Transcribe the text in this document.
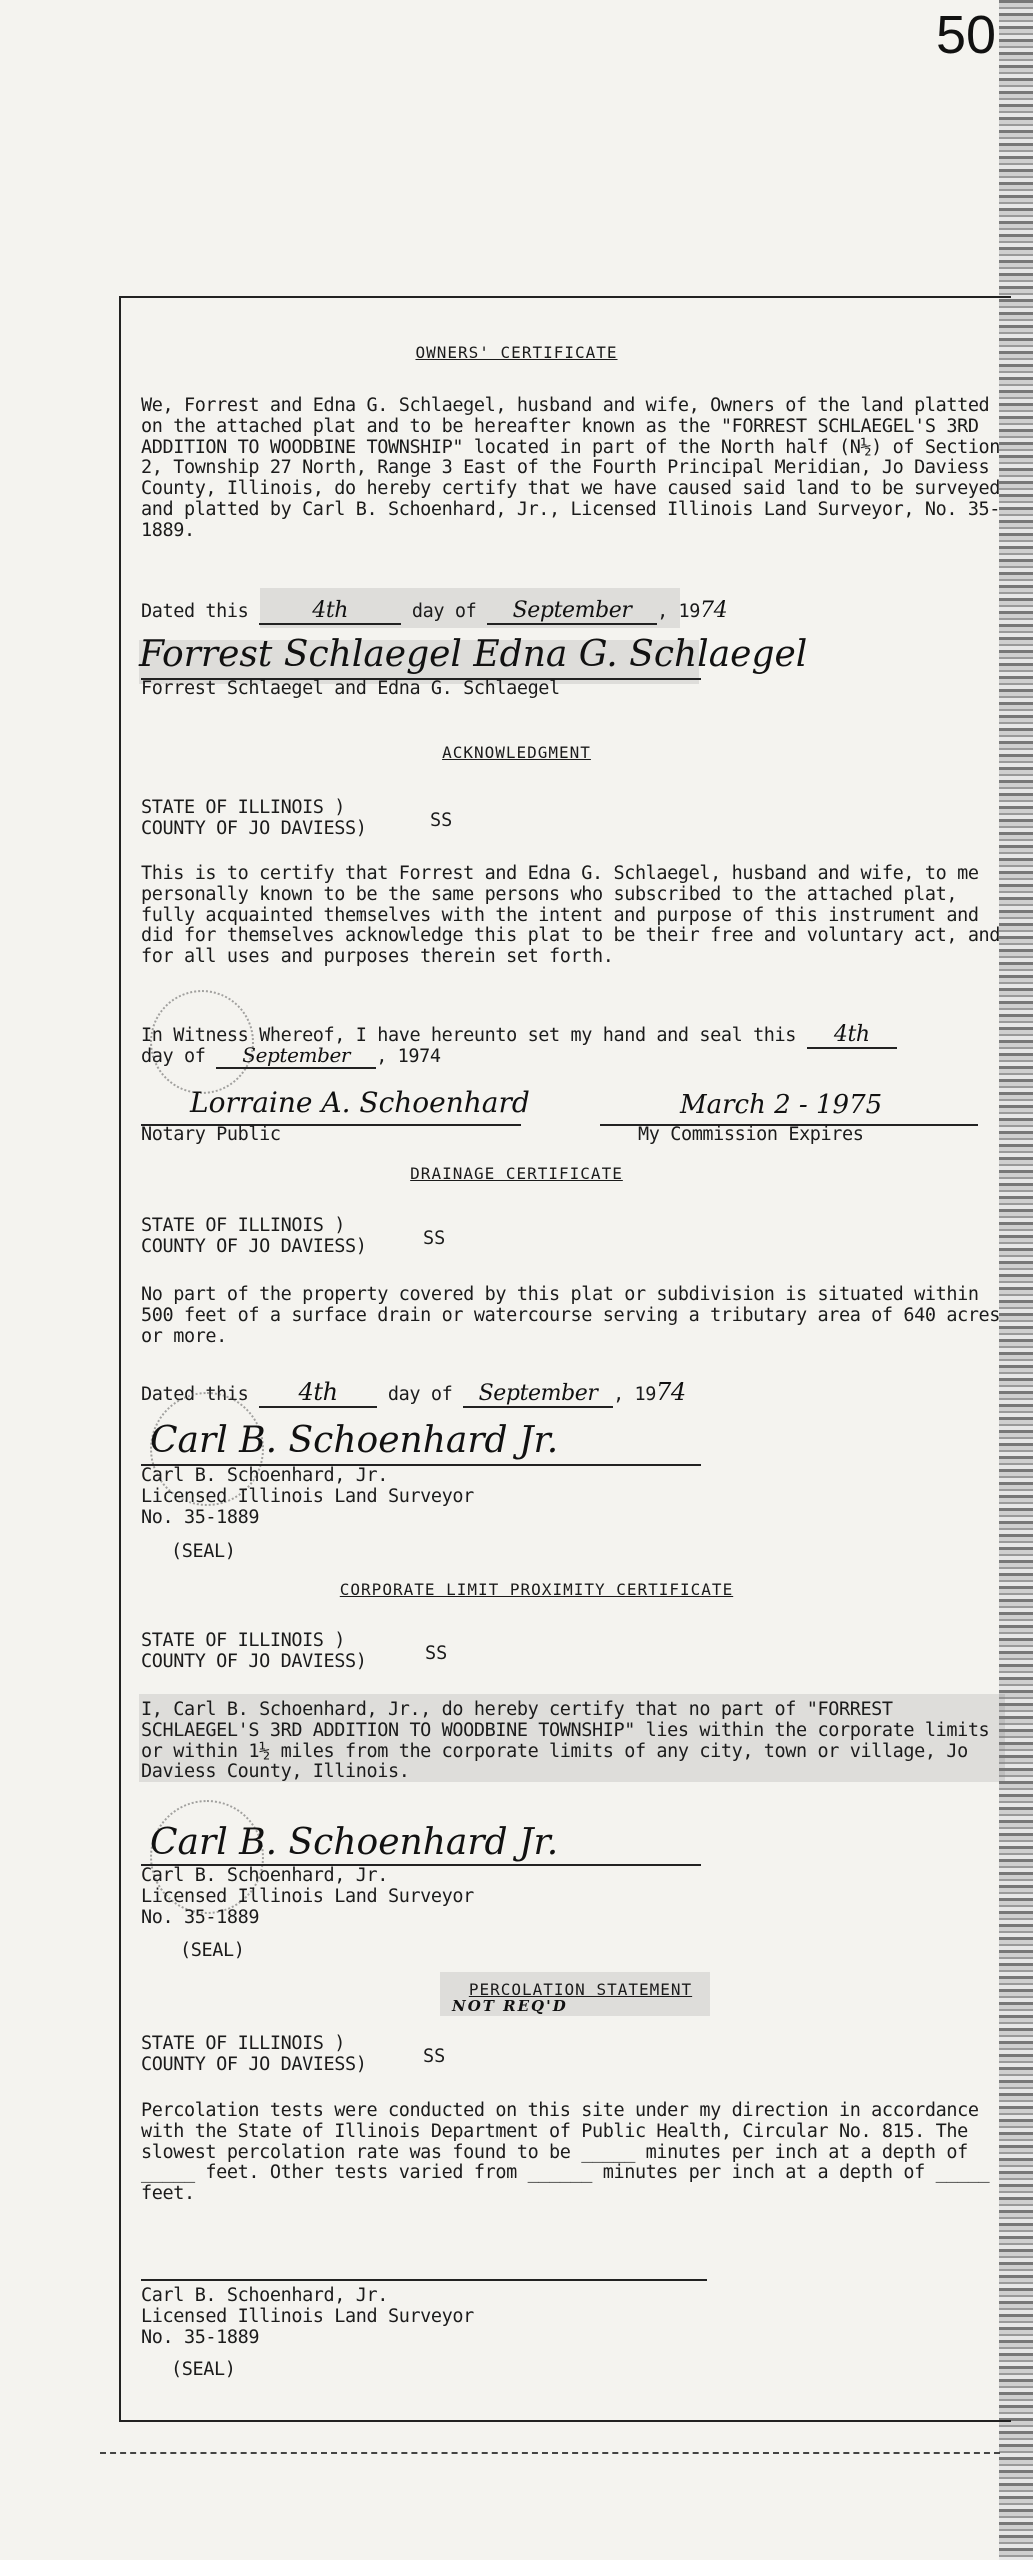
50
OWNERS' CERTIFICATE
We, Forrest and Edna G. Schlaegel, husband and wife, Owners of the land platted on the attached plat and to be hereafter known as the "FORREST SCHLAEGEL'S 3RD ADDITION TO WOODBINE TOWNSHIP" located in part of the North half (N½) of Section 2, Township 27 North, Range 3 East of the Fourth Principal Meridian, Jo Daviess County, Illinois, do hereby certify that we have caused said land to be surveyed and platted by Carl B. Schoenhard, Jr., Licensed Illinois Land Surveyor, No. 35-1889.
Dated this	4th	day of September , 1974
Forrest Schlaegel Edna G. Schlaegel
Forrest Schlaegel and Edna G. Schlaegel
ACKNOWLEDGMENT
STATE OF ILLINOIS )
COUNTY OF JO DAVIESS)	SS
This is to certify that Forrest and Edna G. Schlaegel, husband and wife, to me personally known to be the same persons who subscribed to the attached plat, fully acquainted themselves with the intent and purpose of this instrument and did for themselves acknowledge this plat to be their free and voluntary act, and for all uses and purposes therein set forth.
In Witness Whereof, I have hereunto set my hand and seal this 4th
day of September , 1974
Lorraine A. Schoenhard	March 2 - 1975
Notary Public	My Commission Expires
DRAINAGE CERTIFICATE
STATE OF ILLINOIS )
COUNTY OF JO DAVIESS)	SS
No part of the property covered by this plat or subdivision is situated within 500 feet of a surface drain or watercourse serving a tributary area of 640 acres or more.
Dated this 4th	day of September , 1974
Carl B. Schoenhard Jr.
Carl B. Schoenhard, Jr.
Licensed Illinois Land Surveyor
No. 35-1889
(SEAL)
CORPORATE LIMIT PROXIMITY CERTIFICATE
STATE OF ILLINOIS )
COUNTY OF JO DAVIESS)	SS
I, Carl B. Schoenhard, Jr., do hereby certify that no part of "FORREST SCHLAEGEL'S 3RD ADDITION TO WOODBINE TOWNSHIP" lies within the corporate limits or within 1½ miles from the corporate limits of any city, town or village, Jo Daviess County, Illinois.
Carl B. Schoenhard Jr.
Carl B. Schoenhard, Jr.
Licensed Illinois Land Surveyor
No. 35-1889
(SEAL)
PERCOLATION STATEMENT
NOT REQ'D
STATE OF ILLINOIS )
COUNTY OF JO DAVIESS)	SS
Percolation tests were conducted on this site under my direction in accordance with the State of Illinois Department of Public Health, Circular No. 815. The slowest percolation rate was found to be _____ minutes per inch at a depth of _____ feet. Other tests varied from ______ minutes per inch at a depth of _____ feet.
Carl B. Schoenhard, Jr.
Licensed Illinois Land Surveyor
No. 35-1889
(SEAL)
